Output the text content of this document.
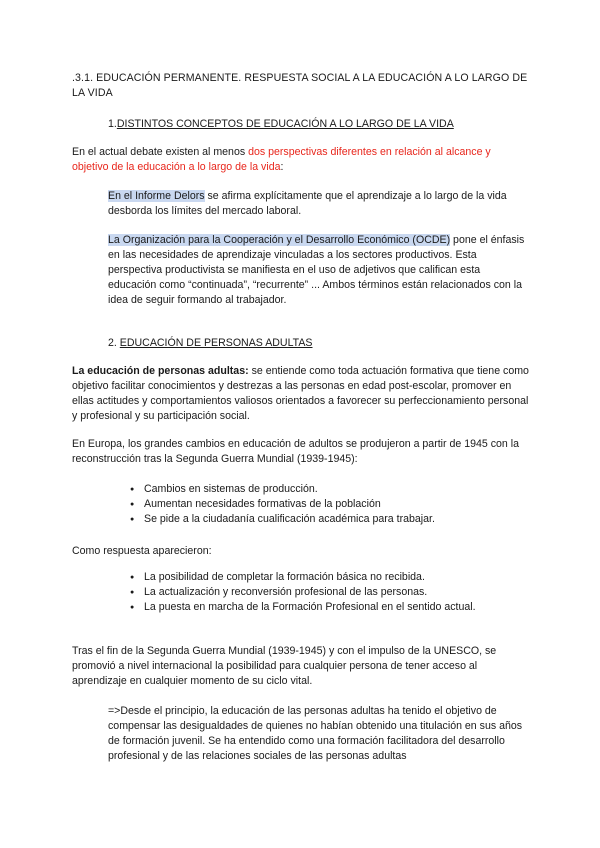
.3.1. EDUCACIÓN PERMANENTE. RESPUESTA SOCIAL A LA EDUCACIÓN A LO LARGO DE LA VIDA

1.DISTINTOS CONCEPTOS DE EDUCACIÓN A LO LARGO DE LA VIDA

En el actual debate existen al menos dos perspectivas diferentes en relación al alcance y objetivo de la educación a lo largo de la vida:

En el Informe Delors se afirma explícitamente que el aprendizaje a lo largo de la vida desborda los límites del mercado laboral.

La Organización para la Cooperación y el Desarrollo Económico (OCDE) pone el énfasis en las necesidades de aprendizaje vinculadas a los sectores productivos. Esta perspectiva productivista se manifiesta en el uso de adjetivos que califican esta educación como “continuada”, “recurrente” ... Ambos términos están relacionados con la idea de seguir formando al trabajador.

2. EDUCACIÓN DE PERSONAS ADULTAS

La educación de personas adultas: se entiende como toda actuación formativa que tiene como objetivo facilitar conocimientos y destrezas a las personas en edad post-escolar, promover en ellas actitudes y comportamientos valiosos orientados a favorecer su perfeccionamiento personal y profesional y su participación social.

En Europa, los grandes cambios en educación de adultos se produjeron a partir de 1945 con la reconstrucción tras la Segunda Guerra Mundial (1939-1945):

● Cambios en sistemas de producción.
● Aumentan necesidades formativas de la población
● Se pide a la ciudadanía cualificación académica para trabajar.

Como respuesta aparecieron:

● La posibilidad de completar la formación básica no recibida.
● La actualización y reconversión profesional de las personas.
● La puesta en marcha de la Formación Profesional en el sentido actual.

Tras el fin de la Segunda Guerra Mundial (1939-1945) y con el impulso de la UNESCO, se promovió a nivel internacional la posibilidad para cualquier persona de tener acceso al aprendizaje en cualquier momento de su ciclo vital.

=>Desde el principio, la educación de las personas adultas ha tenido el objetivo de compensar las desigualdades de quienes no habían obtenido una titulación en sus años de formación juvenil. Se ha entendido como una formación facilitadora del desarrollo profesional y de las relaciones sociales de las personas adultas
